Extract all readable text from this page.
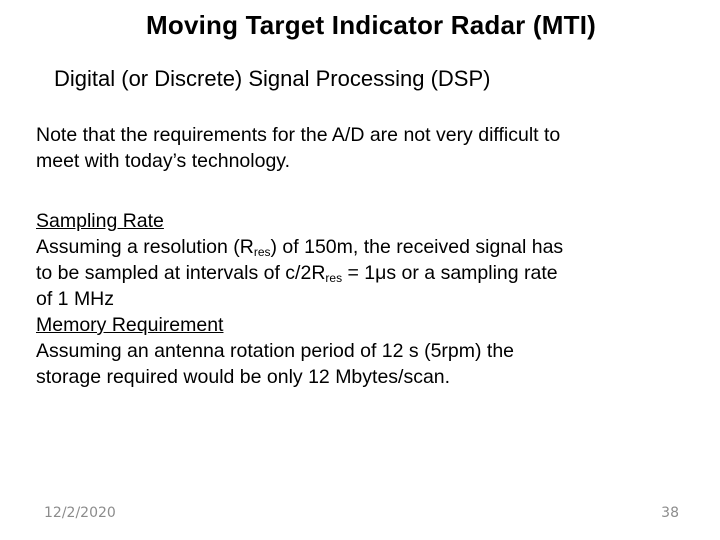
Moving Target Indicator Radar (MTI)
Digital (or Discrete) Signal Processing (DSP)
Note that the requirements for the A/D are not very difficult to
meet with today’s technology.
Sampling Rate
Assuming a resolution $(R_{res})$ of 150m, the received signal has
to be sampled at intervals of $c/2R_{res} = 1\mu s$ or a sampling rate
of 1 MHz
Memory Requirement
Assuming an antenna rotation period of 12 s (5rpm) the
storage required would be only 12 Mbytes/scan.
12/2/2020	38
